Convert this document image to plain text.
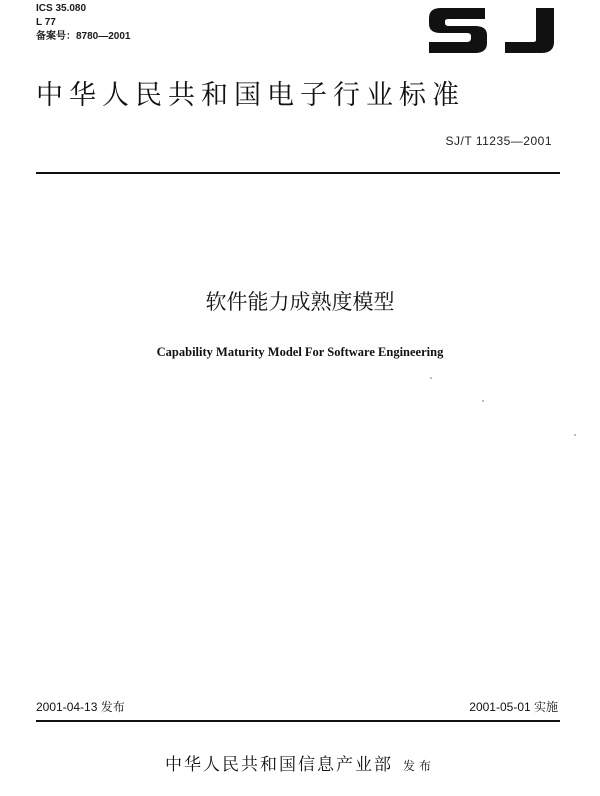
ICS 35.080
L 77
备案号：8780—2001
中华人民共和国电子行业标准
SJ/T 11235—2001
软件能力成熟度模型
Capability Maturity Model For Software Engineering
2001-04-13 发布	2001-05-01 实施
中华人民共和国信息产业部 发布
